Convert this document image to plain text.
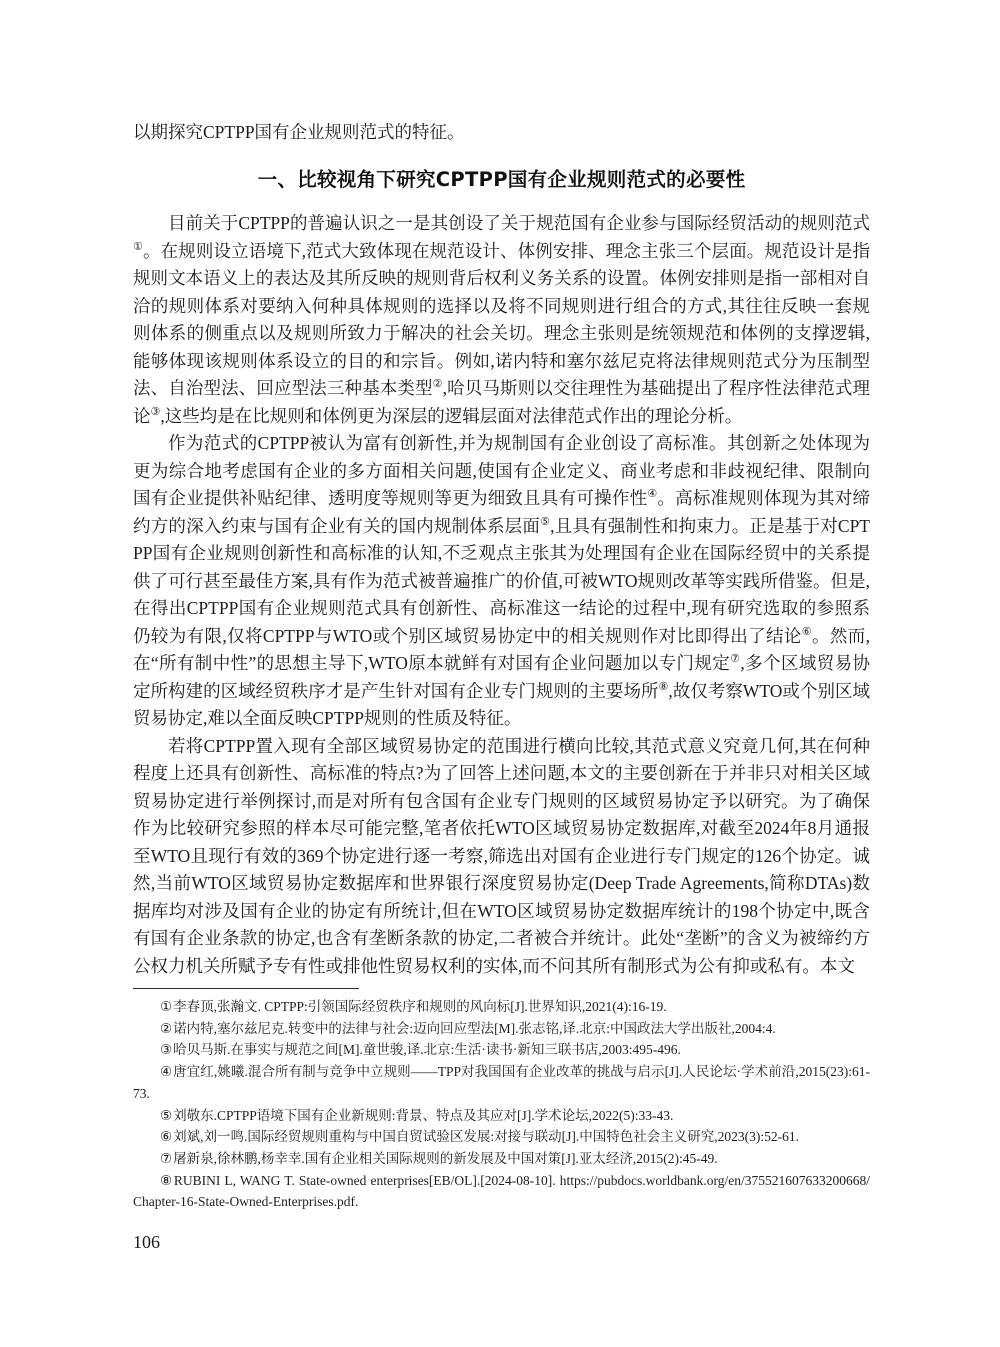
以期探究CPTPP国有企业规则范式的特征。

一、比较视角下研究CPTPP国有企业规则范式的必要性

目前关于CPTPP的普遍认识之一是其创设了关于规范国有企业参与国际经贸活动的规则范式①。在规则设立语境下,范式大致体现在规范设计、体例安排、理念主张三个层面。规范设计是指规则文本语义上的表达及其所反映的规则背后权利义务关系的设置。体例安排则是指一部相对自洽的规则体系对要纳入何种具体规则的选择以及将不同规则进行组合的方式,其往往反映一套规则体系的侧重点以及规则所致力于解决的社会关切。理念主张则是统领规范和体例的支撑逻辑,能够体现该规则体系设立的目的和宗旨。例如,诺内特和塞尔兹尼克将法律规则范式分为压制型法、自治型法、回应型法三种基本类型②,哈贝马斯则以交往理性为基础提出了程序性法律范式理论③,这些均是在比规则和体例更为深层的逻辑层面对法律范式作出的理论分析。

作为范式的CPTPP被认为富有创新性,并为规制国有企业创设了高标准。其创新之处体现为更为综合地考虑国有企业的多方面相关问题,使国有企业定义、商业考虑和非歧视纪律、限制向国有企业提供补贴纪律、透明度等规则等更为细致且具有可操作性④。高标准规则体现为其对缔约方的深入约束与国有企业有关的国内规制体系层面⑤,且具有强制性和拘束力。正是基于对CPTPP国有企业规则创新性和高标准的认知,不乏观点主张其为处理国有企业在国际经贸中的关系提供了可行甚至最佳方案,具有作为范式被普遍推广的价值,可被WTO规则改革等实践所借鉴。但是,在得出CPTPP国有企业规则范式具有创新性、高标准这一结论的过程中,现有研究选取的参照系仍较为有限,仅将CPTPP与WTO或个别区域贸易协定中的相关规则作对比即得出了结论⑥。然而,在“所有制中性”的思想主导下,WTO原本就鲜有对国有企业问题加以专门规定⑦,多个区域贸易协定所构建的区域经贸秩序才是产生针对国有企业专门规则的主要场所⑧,故仅考察WTO或个别区域贸易协定,难以全面反映CPTPP规则的性质及特征。

若将CPTPP置入现有全部区域贸易协定的范围进行横向比较,其范式意义究竟几何,其在何种程度上还具有创新性、高标准的特点?为了回答上述问题,本文的主要创新在于并非只对相关区域贸易协定进行举例探讨,而是对所有包含国有企业专门规则的区域贸易协定予以研究。为了确保作为比较研究参照的样本尽可能完整,笔者依托WTO区域贸易协定数据库,对截至2024年8月通报至WTO且现行有效的369个协定进行逐一考察,筛选出对国有企业进行专门规定的126个协定。诚然,当前WTO区域贸易协定数据库和世界银行深度贸易协定(Deep Trade Agreements,简称DTAs)数据库均对涉及国有企业的协定有所统计,但在WTO区域贸易协定数据库统计的198个协定中,既含有国有企业条款的协定,也含有垄断条款的协定,二者被合并统计。此处“垄断”的含义为被缔约方公权力机关所赋予专有性或排他性贸易权利的实体,而不问其所有制形式为公有抑或私有。本文

①李春顶,张瀚文. CPTPP:引领国际经贸秩序和规则的风向标[J].世界知识,2021(4):16-19.

②诺内特,塞尔兹尼克.转变中的法律与社会:迈向回应型法[M].张志铭,译.北京:中国政法大学出版社,2004:4.

③哈贝马斯.在事实与规范之间[M].童世骏,译.北京:生活·读书·新知三联书店,2003:495-496.

④唐宜红,姚曦.混合所有制与竞争中立规则——TPP对我国国有企业改革的挑战与启示[J].人民论坛·学术前沿,2015(23):61-73.

⑤刘敬东.CPTPP语境下国有企业新规则:背景、特点及其应对[J].学术论坛,2022(5):33-43.

⑥刘斌,刘一鸣.国际经贸规则重构与中国自贸试验区发展:对接与联动[J].中国特色社会主义研究,2023(3):52-61.

⑦屠新泉,徐林鹏,杨幸幸.国有企业相关国际规则的新发展及中国对策[J].亚太经济,2015(2):45-49.

⑧RUBINI L, WANG T. State-owned enterprises[EB/OL].[2024-08-10]. https://pubdocs.worldbank.org/en/375521607633200668/Chapter-16-State-Owned-Enterprises.pdf.

106
